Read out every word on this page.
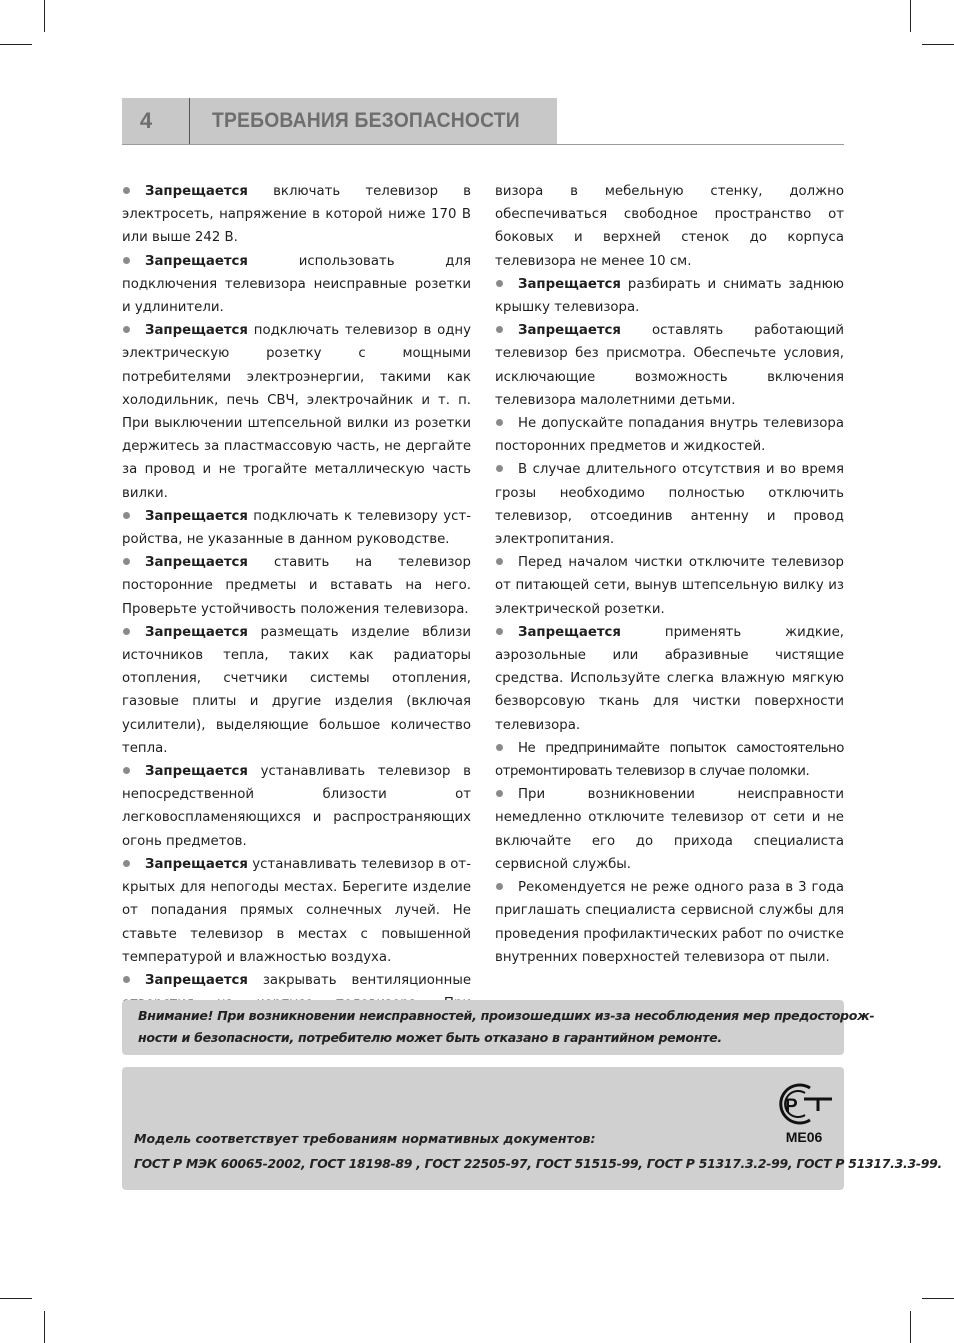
4	ТРЕБОВАНИЯ БЕЗОПАСНОСТИ

Запрещается включать телевизор в электросеть, напряжение в которой ниже 170 В или выше 242 В.

Запрещается использовать для подключения телевизора неисправные розетки и удлинители.

Запрещается подключать телевизор в одну электрическую розетку с мощными потребителями электроэнергии, такими как холодильник, печь СВЧ, электрочайник и т. п. При выключении штепсельной вилки из розетки держитесь за пластмассовую часть, не дергайте за провод и не трогайте металлическую часть вилки.

Запрещается подключать к телевизору устройства, не указанные в данном руководстве.

Запрещается ставить на телевизор посторонние предметы и вставать на него. Проверьте устойчивость положения телевизора.

Запрещается размещать изделие вблизи источников тепла, таких как радиаторы отопления, счетчики системы отопления, газовые плиты и другие изделия (включая усилители), выделяющие большое количество тепла.

Запрещается устанавливать телевизор в непосредственной близости от легковоспламеняющихся и распространяющих огонь предметов.

Запрещается устанавливать телевизор в открытых для непогоды местах. Берегите изделие от попадания прямых солнечных лучей. Не ставьте телевизор в местах с повышенной температурой и влажностью воздуха.

Запрещается закрывать вентиляционные

визора в мебельную стенку, должно обеспечиваться свободное пространство от боковых и верхней стенок до корпуса телевизора не менее 10 см.

Запрещается разбирать и снимать заднюю крышку телевизора.

Запрещается оставлять работающий телевизор без присмотра. Обеспечьте условия, исключающие возможность включения телевизора малолетними детьми.

Не допускайте попадания внутрь телевизора посторонних предметов и жидкостей.

В случае длительного отсутствия и во время грозы необходимо полностью отключить телевизор, отсоединив антенну и провод электропитания.

Перед началом чистки отключите телевизор от питающей сети, вынув штепсельную вилку из электрической розетки.

Запрещается применять жидкие, аэрозольные или абразивные чистящие средства. Используйте слегка влажную мягкую безворсовую ткань для чистки поверхности телевизора.

Не предпринимайте попыток самостоятельно отремонтировать телевизор в случае поломки.

При возникновении неисправности немедленно отключите телевизор от сети и не включайте его до прихода специалиста сервисной службы.

Рекомендуется не реже одного раза в 3 года приглашать специалиста сервисной службы для проведения профилактических работ по очистке внутренних поверхностей телевизора от пыли.

Внимание! При возникновении неисправностей, произошедших из-за несоблюдения мер предосторож-
ности и безопасности, потребителю может быть отказано в гарантийном ремонте.
Р
МЕ06
Модель соответствует требованиям нормативных документов:
ГОСТ Р МЭК 60065-2002, ГОСТ 18198-89 , ГОСТ 22505-97, ГОСТ 51515-99, ГОСТ Р 51317.3.2-99, ГОСТ Р 51317.3.3-99.
